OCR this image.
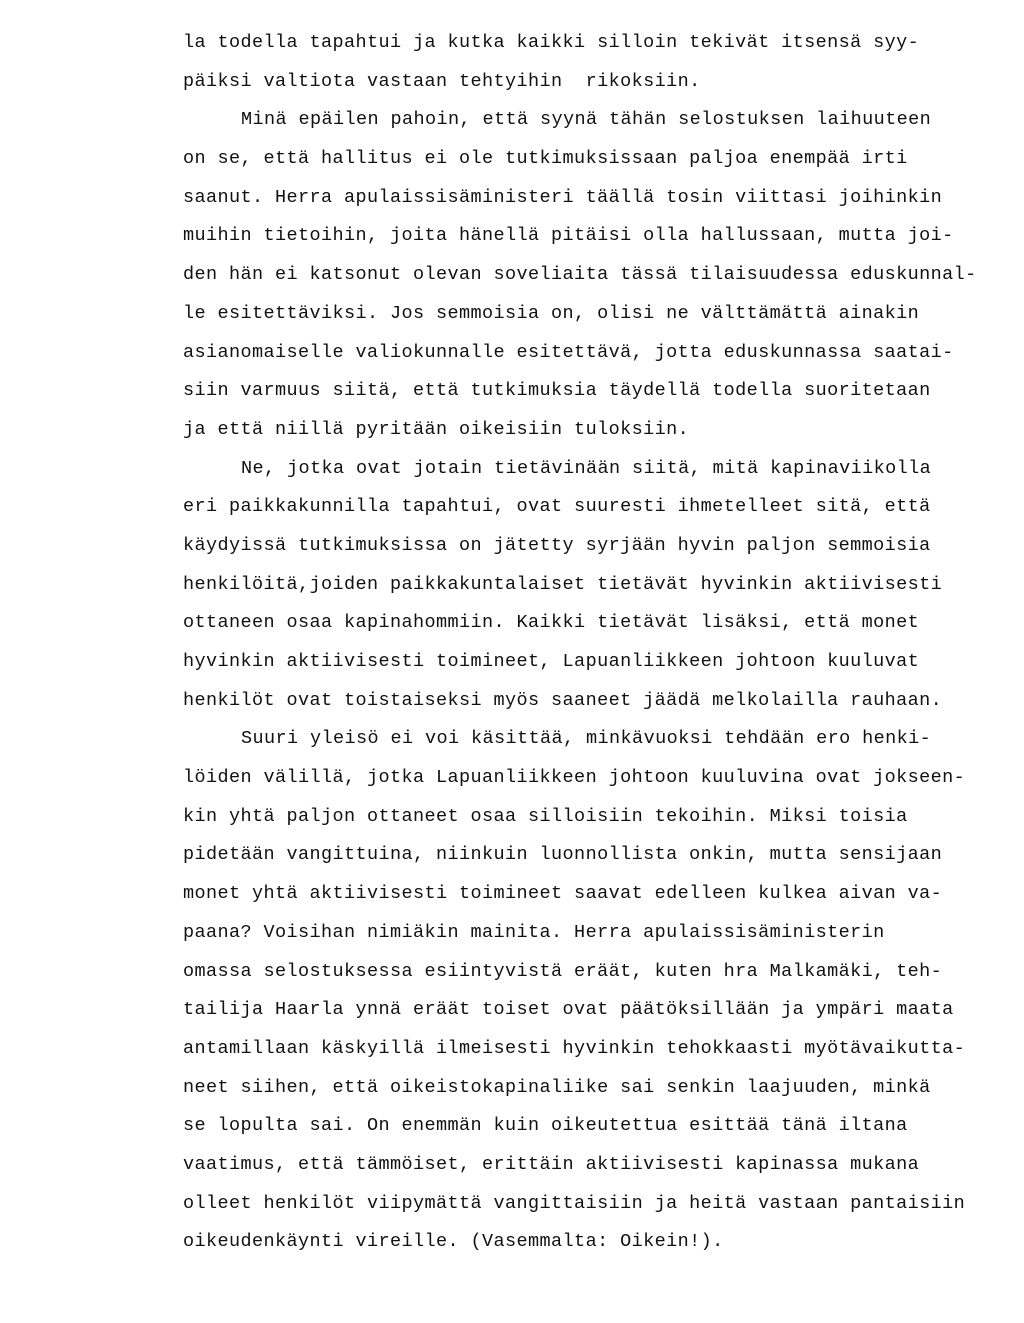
la todella tapahtui ja kutka kaikki silloin tekivät itsensä syy-
päiksi valtiota vastaan tehtyihin  rikoksiin.
Minä epäilen pahoin, että syynä tähän selostuksen laihuuteen
on se, että hallitus ei ole tutkimuksissaan paljoa enempää irti
saanut. Herra apulaissisäministeri täällä tosin viittasi joihinkin
muihin tietoihin, joita hänellä pitäisi olla hallussaan, mutta joi-
den hän ei katsonut olevan soveliaita tässä tilaisuudessa eduskunnal-
le esitettäviksi. Jos semmoisia on, olisi ne välttämättä ainakin
asianomaiselle valiokunnalle esitettävä, jotta eduskunnassa saatai-
siin varmuus siitä, että tutkimuksia täydellä todella suoritetaan
ja että niillä pyritään oikeisiin tuloksiin.
Ne, jotka ovat jotain tietävinään siitä, mitä kapinaviikolla
eri paikkakunnilla tapahtui, ovat suuresti ihmetelleet sitä, että
käydyissä tutkimuksissa on jätetty syrjään hyvin paljon semmoisia
henkilöitä,joiden paikkakuntalaiset tietävät hyvinkin aktiivisesti
ottaneen osaa kapinahommiin. Kaikki tietävät lisäksi, että monet
hyvinkin aktiivisesti toimineet, Lapuanliikkeen johtoon kuuluvat
henkilöt ovat toistaiseksi myös saaneet jäädä melkolailla rauhaan.
Suuri yleisö ei voi käsittää, minkävuoksi tehdään ero henki-
löiden välillä, jotka Lapuanliikkeen johtoon kuuluvina ovat jokseen-
kin yhtä paljon ottaneet osaa silloisiin tekoihin. Miksi toisia
pidetään vangittuina, niinkuin luonnollista onkin, mutta sensijaan
monet yhtä aktiivisesti toimineet saavat edelleen kulkea aivan va-
paana? Voisihan nimiäkin mainita. Herra apulaissisäministerin
omassa selostuksessa esiintyvistä eräät, kuten hra Malkamäki, teh-
tailija Haarla ynnä eräät toiset ovat päätöksillään ja ympäri maata
antamillaan käskyillä ilmeisesti hyvinkin tehokkaasti myötävaikutta-
neet siihen, että oikeistokapinaliike sai senkin laajuuden, minkä
se lopulta sai. On enemmän kuin oikeutettua esittää tänä iltana
vaatimus, että tämmöiset, erittäin aktiivisesti kapinassa mukana
olleet henkilöt viipymättä vangittaisiin ja heitä vastaan pantaisiin
oikeudenkäynti vireille. (Vasemmalta: Oikein!).
